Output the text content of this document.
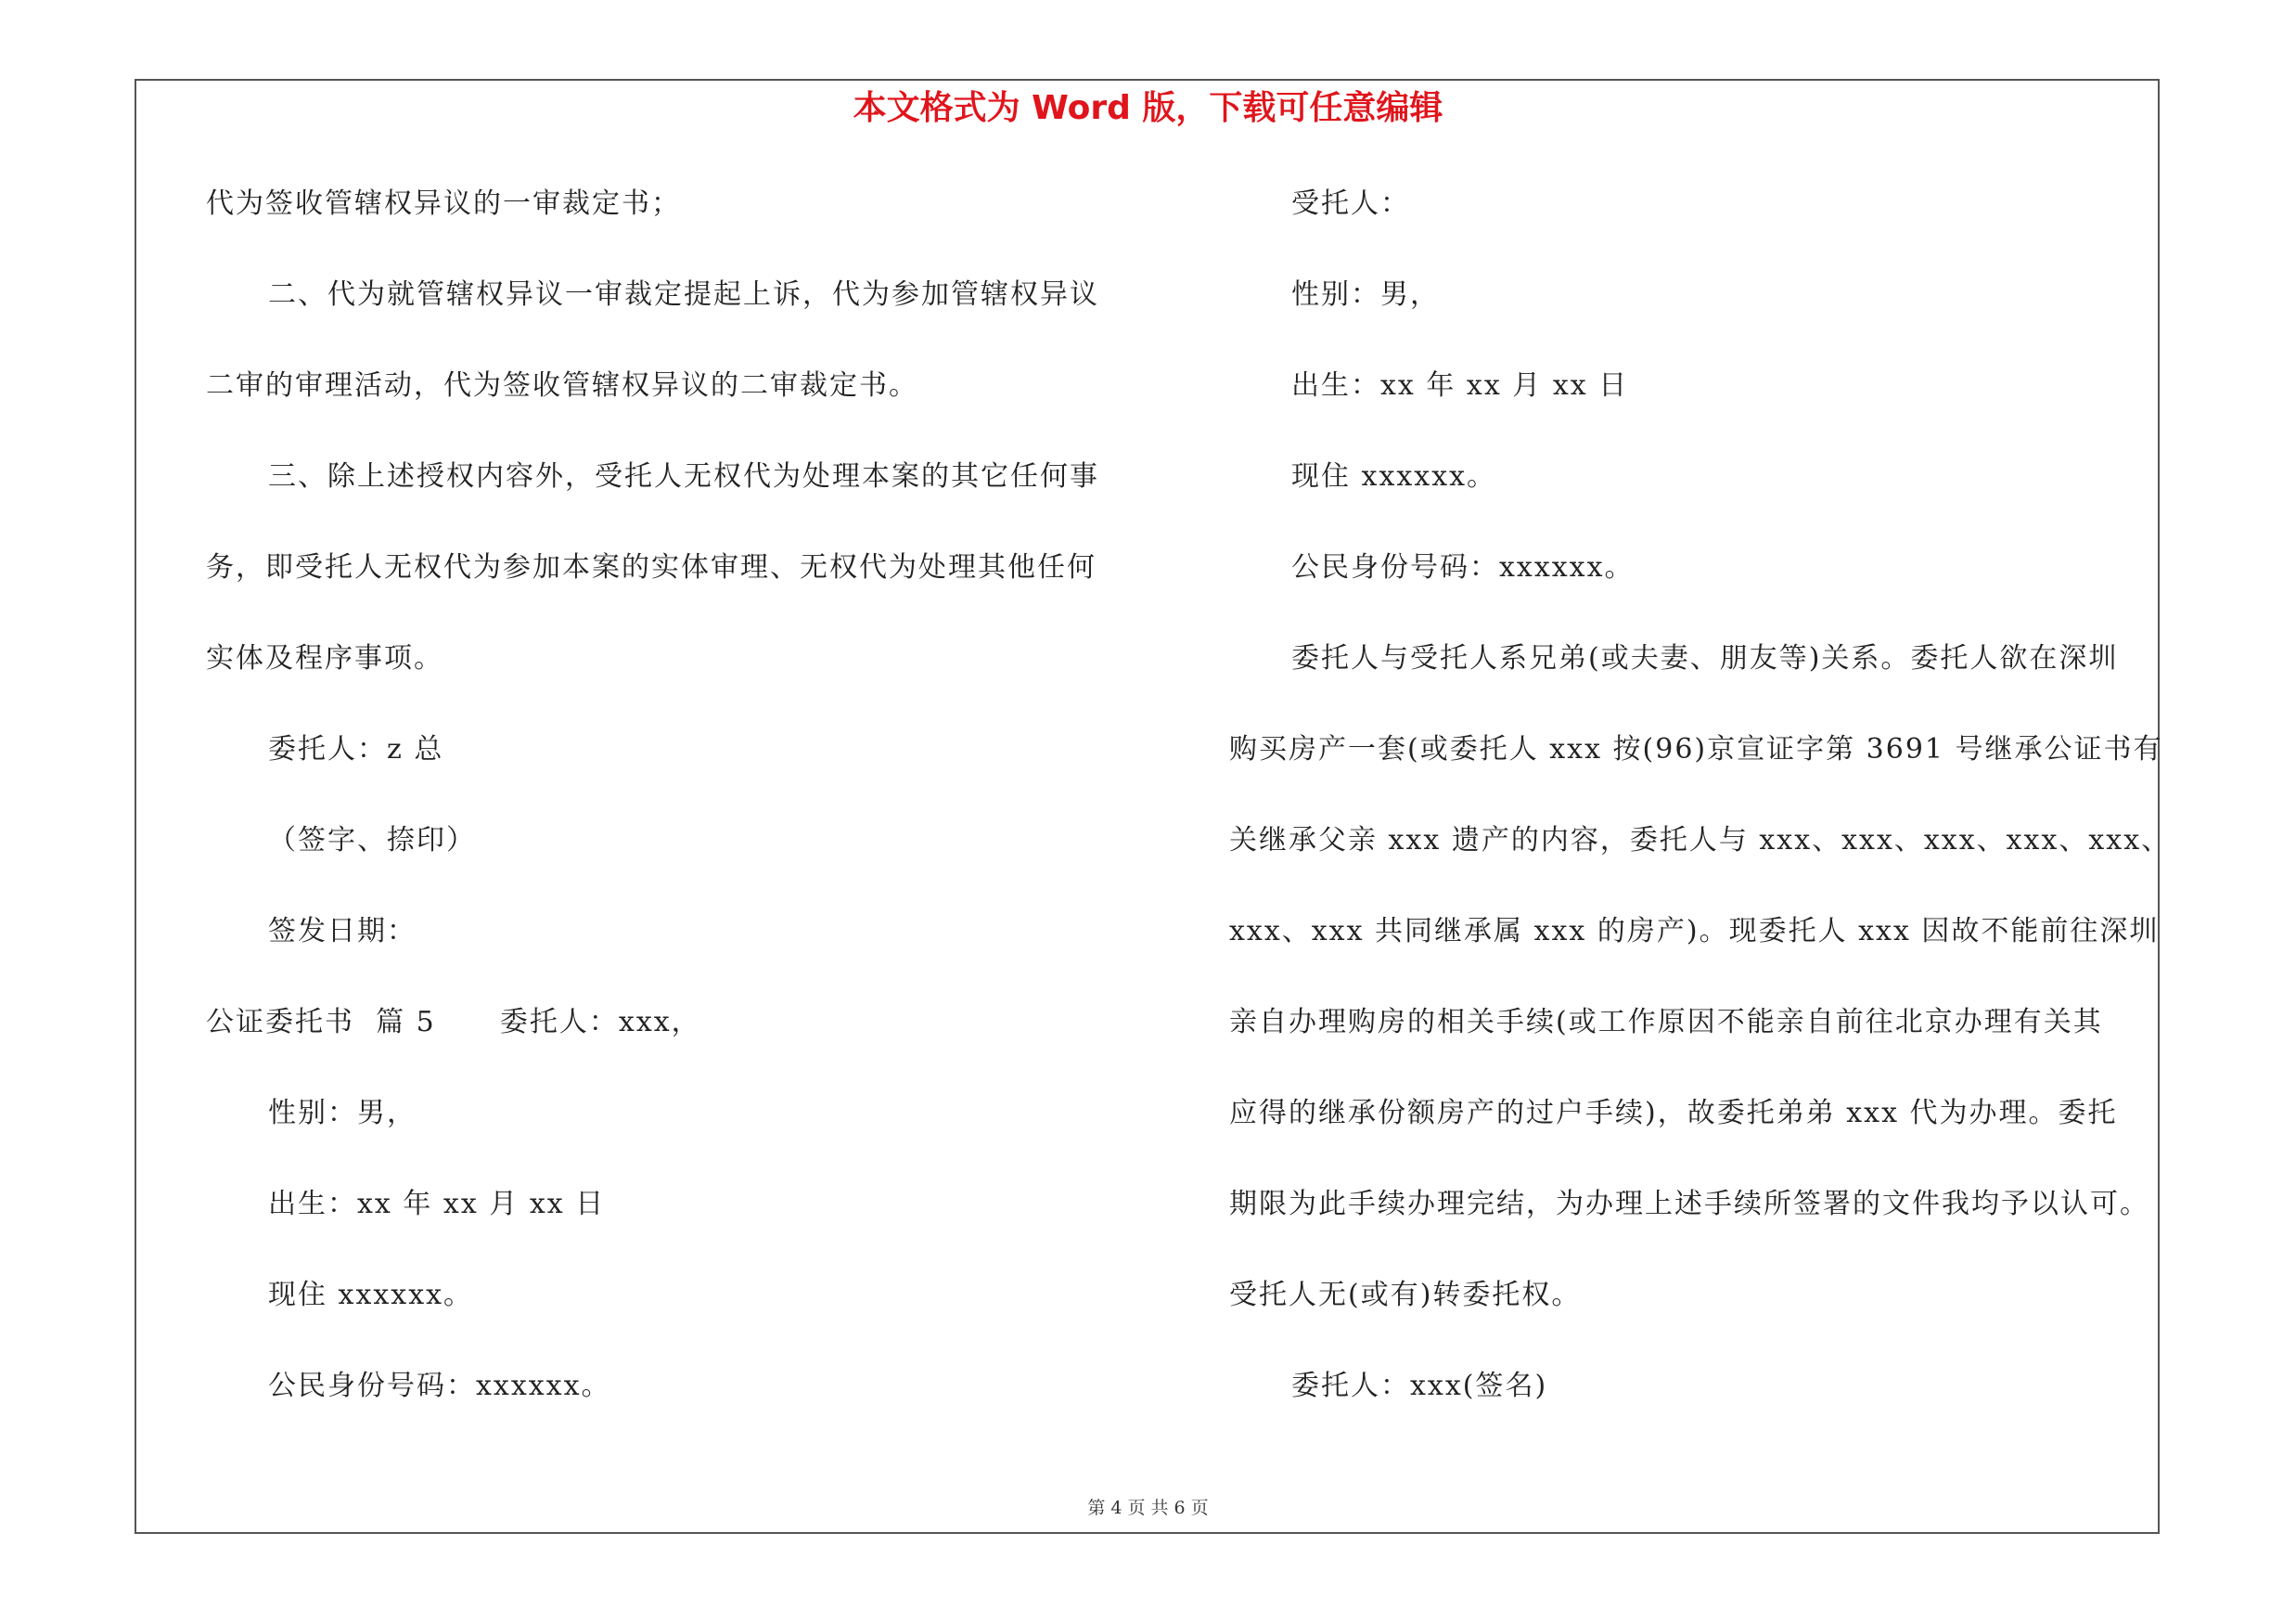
本文格式为 Word 版，下载可任意编辑
代为签收管辖权异议的一审裁定书；
二、代为就管辖权异议一审裁定提起上诉，代为参加管辖权异议
二审的审理活动，代为签收管辖权异议的二审裁定书。
三、除上述授权内容外，受托人无权代为处理本案的其它任何事
务，即受托人无权代为参加本案的实体审理、无权代为处理其他任何
实体及程序事项。
委托人：z 总
（签字、捺印）
签发日期：
公证委托书  篇 5      委托人：xxx，
性别：男，
出生：xx 年 xx 月 xx 日
现住 xxxxxx。
公民身份号码：xxxxxx。
受托人：
性别：男，
出生：xx 年 xx 月 xx 日
现住 xxxxxx。
公民身份号码：xxxxxx。
委托人与受托人系兄弟(或夫妻、朋友等)关系。委托人欲在深圳
购买房产一套(或委托人 xxx 按(96)京宣证字第 3691 号继承公证书有
关继承父亲 xxx 遗产的内容，委托人与 xxx、xxx、xxx、xxx、xxx、
xxx、xxx 共同继承属 xxx 的房产)。现委托人 xxx 因故不能前往深圳
亲自办理购房的相关手续(或工作原因不能亲自前往北京办理有关其
应得的继承份额房产的过户手续)，故委托弟弟 xxx 代为办理。委托
期限为此手续办理完结，为办理上述手续所签署的文件我均予以认可。
受托人无(或有)转委托权。
委托人：xxx(签名)
第 4 页 共 6 页
